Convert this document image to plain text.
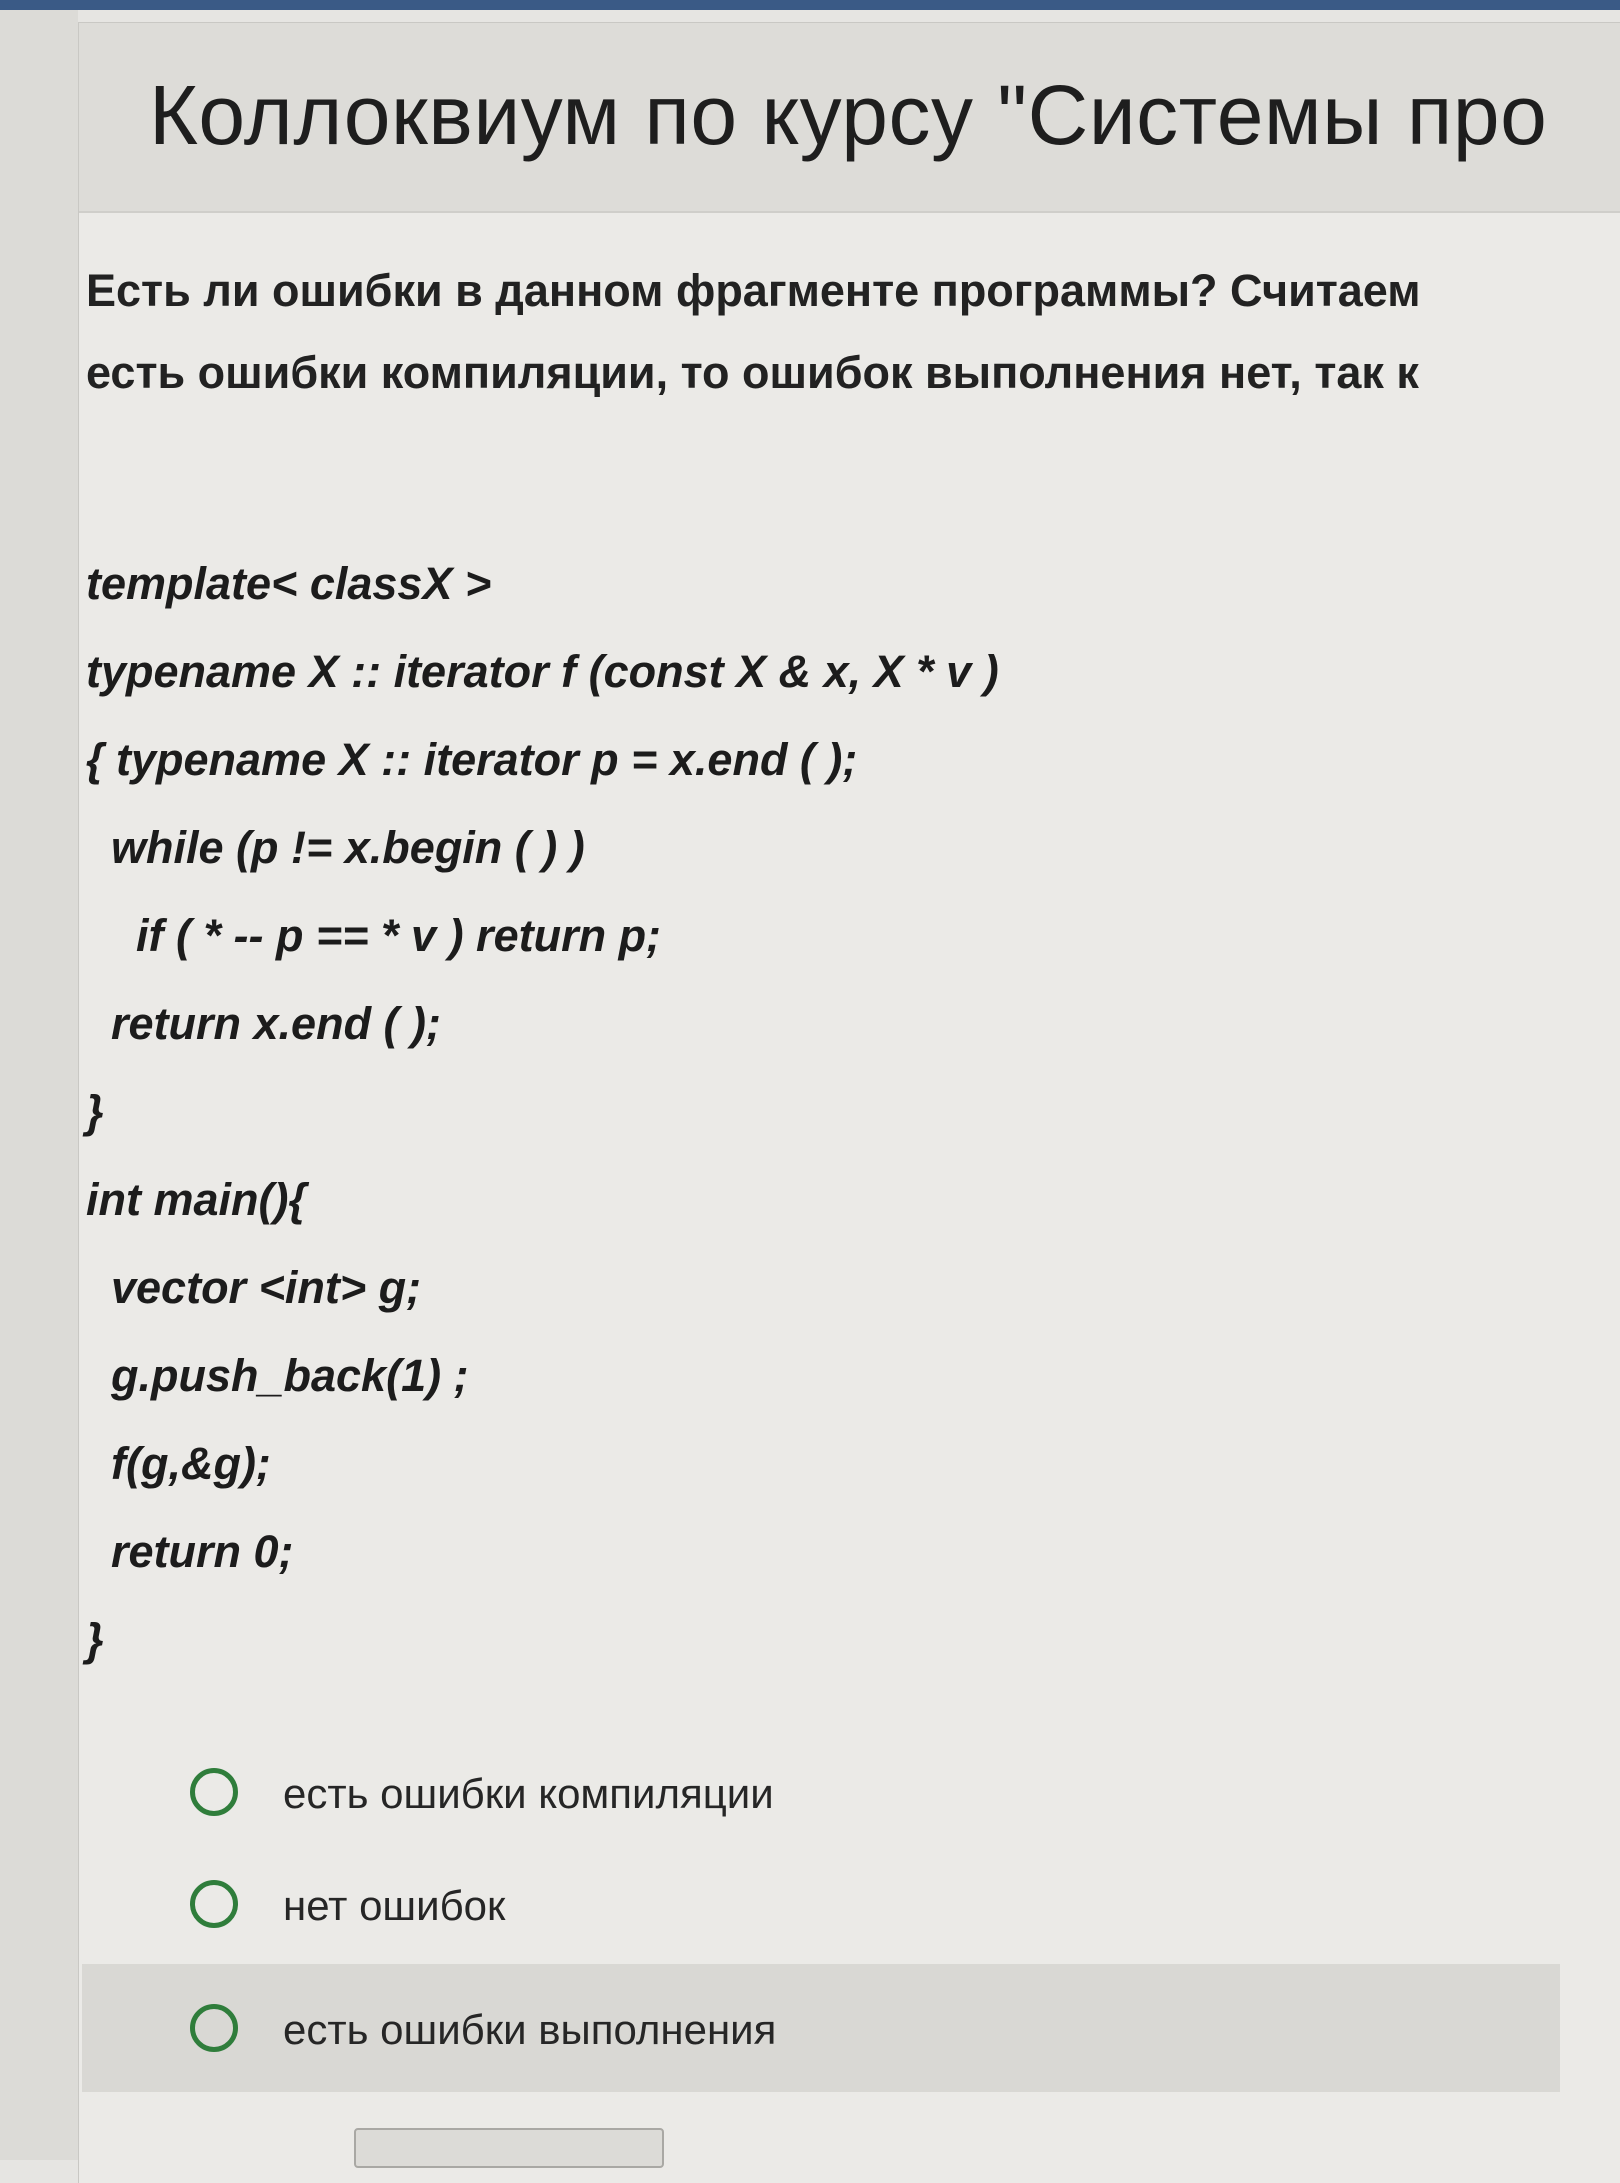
Коллоквиум по курсу "Системы про
Есть ли ошибки в данном фрагменте программы? Считаем
есть ошибки компиляции, то ошибок выполнения нет, так к
template< classX >
typename X :: iterator f (const X & x, X * v )
{ typename X :: iterator p = x.end ( );
while (p != x.begin ( ) )
if ( * -- p == * v ) return p;
return x.end ( );
}
int main(){
vector <int> g;
g.push_back(1) ;
f(g,&g);
return 0;
}
есть ошибки компиляции
нет ошибок
есть ошибки выполнения
